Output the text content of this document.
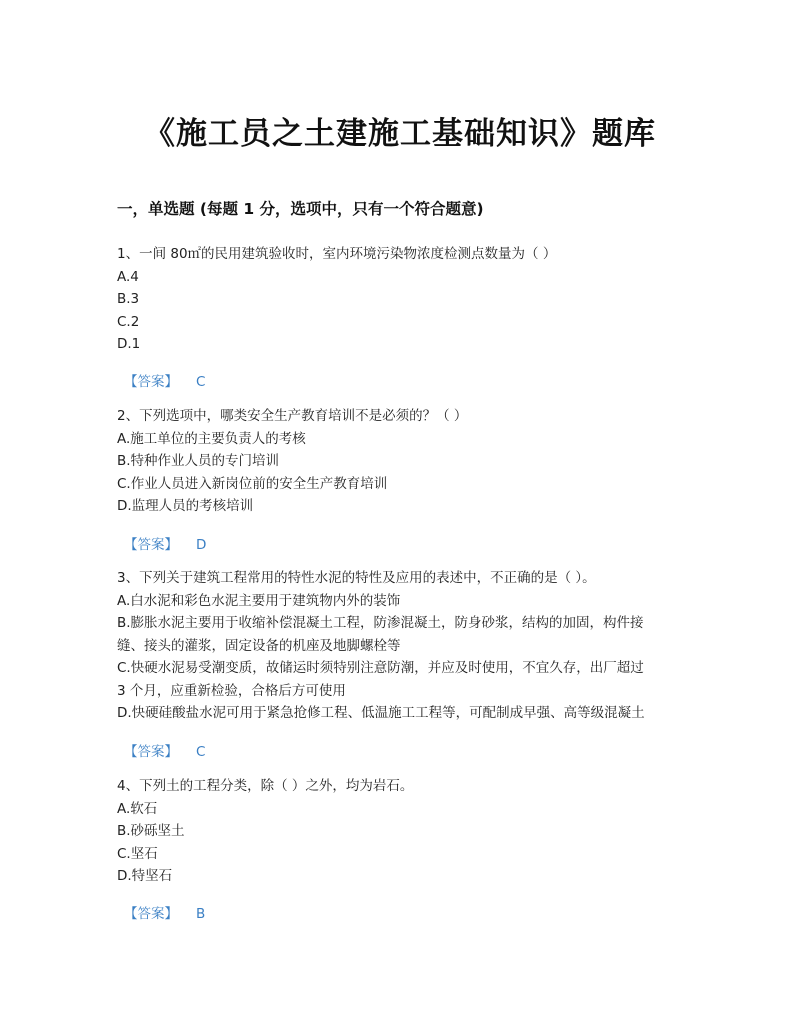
《施工员之土建施工基础知识》题库
一，单选题 (每题 1 分，选项中，只有一个符合题意)
1、一间 80㎡的民用建筑验收时，室内环境污染物浓度检测点数量为（ ）
A.4
B.3
C.2
D.1
【答案】 C
2、下列选项中，哪类安全生产教育培训不是必须的？（ ）
A.施工单位的主要负责人的考核
B.特种作业人员的专门培训
C.作业人员进入新岗位前的安全生产教育培训
D.监理人员的考核培训
【答案】 D
3、下列关于建筑工程常用的特性水泥的特性及应用的表述中，不正确的是（ ）。
A.白水泥和彩色水泥主要用于建筑物内外的装饰
B.膨胀水泥主要用于收缩补偿混凝土工程，防渗混凝土，防身砂浆，结构的加固，构件接
缝、接头的灌浆，固定设备的机座及地脚螺栓等
C.快硬水泥易受潮变质，故储运时须特别注意防潮，并应及时使用，不宜久存，出厂超过
3 个月，应重新检验，合格后方可使用
D.快硬硅酸盐水泥可用于紧急抢修工程、低温施工工程等，可配制成早强、高等级混凝土
【答案】 C
4、下列土的工程分类，除（ ）之外，均为岩石。
A.软石
B.砂砾坚土
C.坚石
D.特坚石
【答案】 B
